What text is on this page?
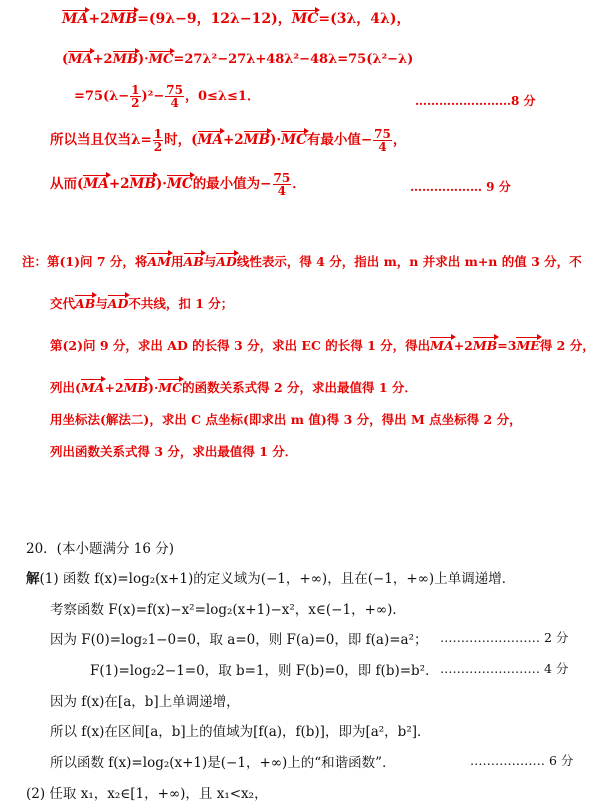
MA+2MB=(9λ−9，12λ−12)，MC=(3λ，4λ)，
(MA+2MB)·MC=27λ²−27λ+48λ²−48λ=75(λ²−λ)
$=75(\lambda- \frac{1}{2} )^2- \frac{75}{4}$ ，0≤λ≤1．	……………………8 分
所以当且仅当$\lambda= \frac{1}{2}$ 时，(MA+2MB)·MC有最小值− $\frac{75}{4}$ ，
从而(MA+2MB)·MC的最小值为− $\frac{75}{4}$ ．	……………… 9 分
注：第(1)问 7 分，将AM用AB与AD线性表示，得 4 分，指出 m，n 并求出 m+n 的值 3 分，不
交代AB与AD不共线，扣 1 分；
第(2)问 9 分，求出 AD 的长得 3 分，求出 EC 的长得 1 分，得出MA+2MB=3ME得 2 分，
列出(MA+2MB)·MC的函数关系式得 2 分，求出最值得 1 分．
用坐标法(解法二)，求出 C 点坐标(即求出 m 值)得 3 分，得出 M 点坐标得 2 分，
列出函数关系式得 3 分，求出最值得 1 分．
20．(本小题满分 16 分)
解(1) 函数 f(x)=log₂(x+1)的定义域为(−1，+∞)，且在(−1，+∞)上单调递增．
考察函数 F(x)=f(x)−x²=log₂(x+1)−x²，x∈(−1，+∞)．
因为 F(0)=log₂1−0=0，取 a=0，则 F(a)=0，即 f(a)=a²； …………………… 2 分
F(1)=log₂2−1=0，取 b=1，则 F(b)=0，即 f(b)=b²． …………………… 4 分
因为 f(x)在[a，b]上单调递增，
所以 f(x)在区间[a，b]上的值域为[f(a)，f(b)]，即为[a²，b²]．
所以函数 f(x)=log₂(x+1)是(−1，+∞)上的“和谐函数”．	……………… 6 分
(2) 任取 x₁，x₂∈[1，+∞)，且 x₁<x₂，
